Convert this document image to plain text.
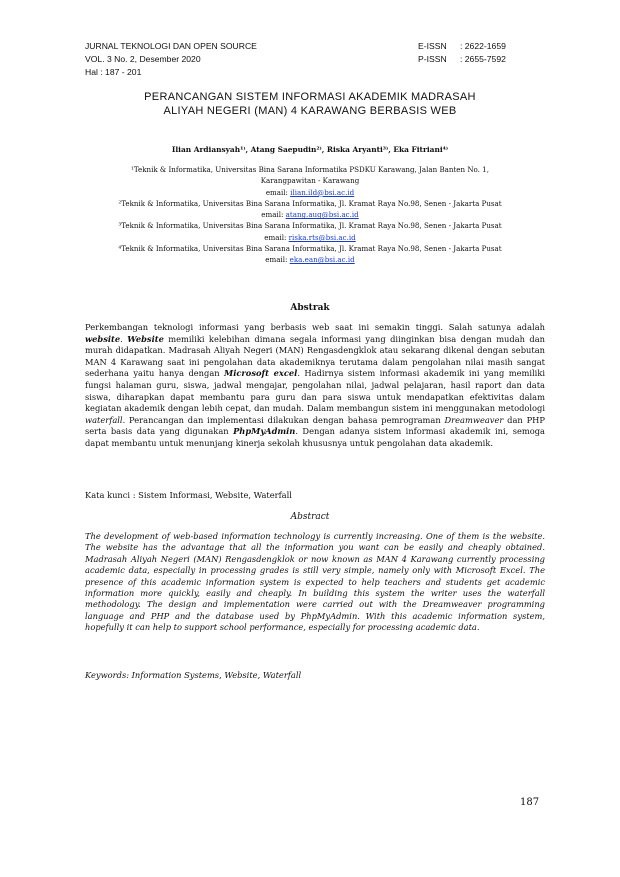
JURNAL TEKNOLOGI DAN OPEN SOURCE
VOL. 3 No. 2, Desember 2020
Hal : 187 - 201
E-ISSN : 2622-1659
P-ISSN : 2655-7592
PERANCANGAN SISTEM INFORMASI AKADEMIK MADRASAH
ALIYAH NEGERI (MAN) 4 KARAWANG BERBASIS WEB
Ilian Ardiansyah¹⁾, Atang Saepudin²⁾, Riska Aryanti³⁾, Eka Fitriani⁴⁾
¹Teknik & Informatika, Universitas Bina Sarana Informatika PSDKU Karawang, Jalan Banten No. 1,
Karangpawitan - Karawang
email: ilian.ild@bsi.ac.id
²Teknik & Informatika, Universitas Bina Sarana Informatika, Jl. Kramat Raya No.98, Senen - Jakarta Pusat
email: atang.aug@bsi.ac.id
³Teknik & Informatika, Universitas Bina Sarana Informatika, Jl. Kramat Raya No.98, Senen - Jakarta Pusat
email: riska.rts@bsi.ac.id
⁴Teknik & Informatika, Universitas Bina Sarana Informatika, Jl. Kramat Raya No.98, Senen - Jakarta Pusat
email: eka.ean@bsi.ac.id
Abstrak
Perkembangan teknologi informasi yang berbasis web saat ini semakin tinggi. Salah satunya adalah website. Website memiliki kelebihan dimana segala informasi yang diinginkan bisa dengan mudah dan murah didapatkan. Madrasah Aliyah Negeri (MAN) Rengasdengklok atau sekarang dikenal dengan sebutan MAN 4 Karawang saat ini pengolahan data akademiknya terutama dalam pengolahan nilai masih sangat sederhana yaitu hanya dengan Microsoft excel. Hadirnya sistem informasi akademik ini yang memiliki fungsi halaman guru, siswa, jadwal mengajar, pengolahan nilai, jadwal pelajaran, hasil raport dan data siswa, diharapkan dapat membantu para guru dan para siswa untuk mendapatkan efektivitas dalam kegiatan akademik dengan lebih cepat, dan mudah. Dalam membangun sistem ini menggunakan metodologi waterfall. Perancangan dan implementasi dilakukan dengan bahasa pemrograman Dreamweaver dan PHP serta basis data yang digunakan PhpMyAdmin. Dengan adanya sistem informasi akademik ini, semoga dapat membantu untuk menunjang kinerja sekolah khususnya untuk pengolahan data akademik.
Kata kunci : Sistem Informasi, Website, Waterfall
Abstract
The development of web-based information technology is currently increasing. One of them is the website. The website has the advantage that all the information you want can be easily and cheaply obtained. Madrasah Aliyah Negeri (MAN) Rengasdengklok or now known as MAN 4 Karawang currently processing academic data, especially in processing grades is still very simple, namely only with Microsoft Excel. The presence of this academic information system is expected to help teachers and students get academic information more quickly, easily and cheaply. In building this system the writer uses the waterfall methodology. The design and implementation were carried out with the Dreamweaver programming language and PHP and the database used by PhpMyAdmin. With this academic information system, hopefully it can help to support school performance, especially for processing academic data.
Keywords: Information Systems, Website, Waterfall
187
